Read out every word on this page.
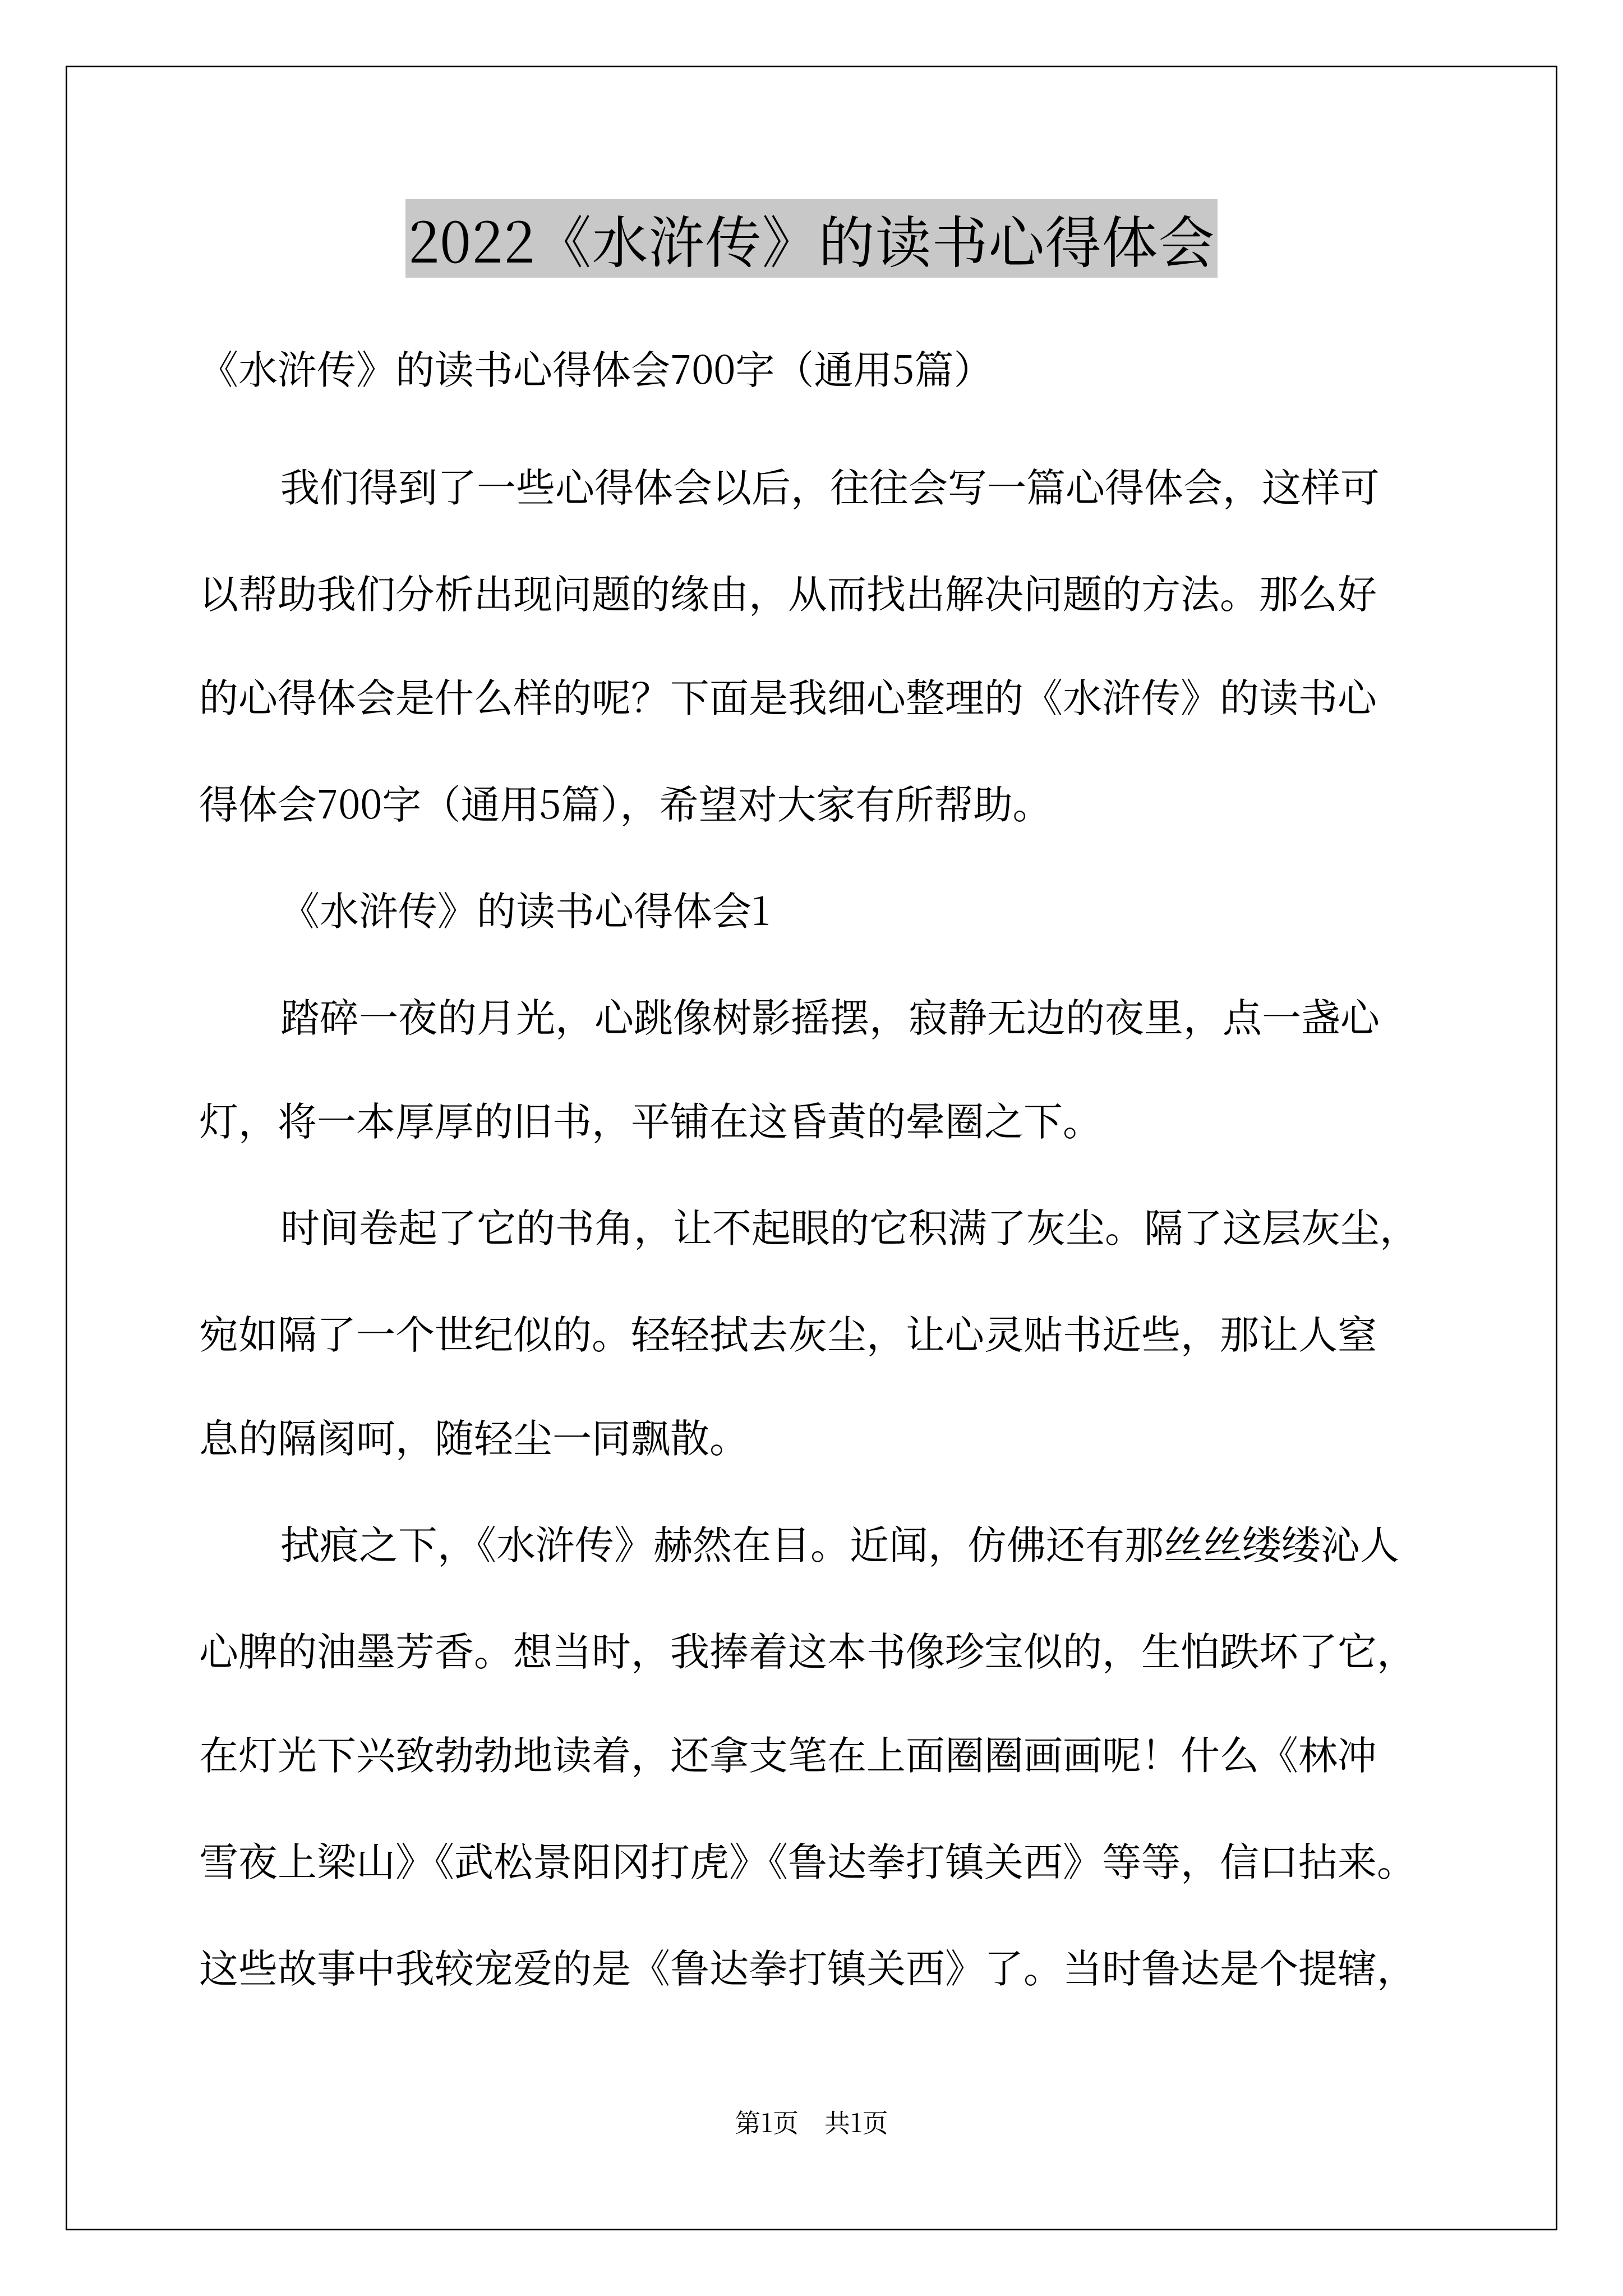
2022《水浒传》的读书心得体会
《水浒传》的读书心得体会700字（通用5篇）
我们得到了一些心得体会以后，往往会写一篇心得体会，这样可
以帮助我们分析出现问题的缘由，从而找出解决问题的方法。那么好
的心得体会是什么样的呢？下面是我细心整理的《水浒传》的读书心
得体会700字（通用5篇），希望对大家有所帮助。
《水浒传》的读书心得体会1
踏碎一夜的月光，心跳像树影摇摆，寂静无边的夜里，点一盏心
灯，将一本厚厚的旧书，平铺在这昏黄的晕圈之下。
时间卷起了它的书角，让不起眼的它积满了灰尘。隔了这层灰尘，
宛如隔了一个世纪似的。轻轻拭去灰尘，让心灵贴书近些，那让人窒
息的隔阂呵，随轻尘一同飘散。
拭痕之下，《水浒传》赫然在目。近闻，仿佛还有那丝丝缕缕沁人
心脾的油墨芳香。想当时，我捧着这本书像珍宝似的，生怕跌坏了它，
在灯光下兴致勃勃地读着，还拿支笔在上面圈圈画画呢！什么《林冲
雪夜上梁山》《武松景阳冈打虎》《鲁达拳打镇关西》等等，信口拈来。
这些故事中我较宠爱的是《鲁达拳打镇关西》了。当时鲁达是个提辖，
第1页　共1页
